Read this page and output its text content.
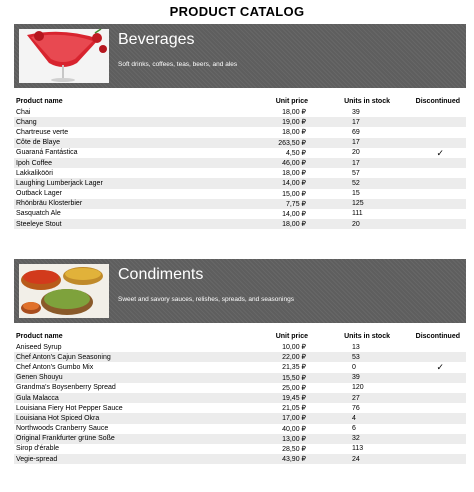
PRODUCT CATALOG
Beverages
Soft drinks, coffees, teas, beers, and ales
Product name	Unit price	Units in stock	Discontinued
Chai	18,00 ₽	39	
Chang	19,00 ₽	17	
Chartreuse verte	18,00 ₽	69	
Côte de Blaye	263,50 ₽	17	
Guaraná Fantástica	4,50 ₽	20	✓
Ipoh Coffee	46,00 ₽	17	
Lakkalikööri	18,00 ₽	57	
Laughing Lumberjack Lager	14,00 ₽	52	
Outback Lager	15,00 ₽	15	
Rhönbräu Klosterbier	7,75 ₽	125	
Sasquatch Ale	14,00 ₽	111	
Steeleye Stout	18,00 ₽	20	
Condiments
Sweet and savory sauces, relishes, spreads, and seasonings
Product name	Unit price	Units in stock	Discontinued
Aniseed Syrup	10,00 ₽	13	
Chef Anton's Cajun Seasoning	22,00 ₽	53	
Chef Anton's Gumbo Mix	21,35 ₽	0	✓
Genen Shouyu	15,50 ₽	39	
Grandma's Boysenberry Spread	25,00 ₽	120	
Gula Malacca	19,45 ₽	27	
Louisiana Fiery Hot Pepper Sauce	21,05 ₽	76	
Louisiana Hot Spiced Okra	17,00 ₽	4	
Northwoods Cranberry Sauce	40,00 ₽	6	
Original Frankfurter grüne Soße	13,00 ₽	32	
Sirop d'érable	28,50 ₽	113	
Vegie-spread	43,90 ₽	24	
